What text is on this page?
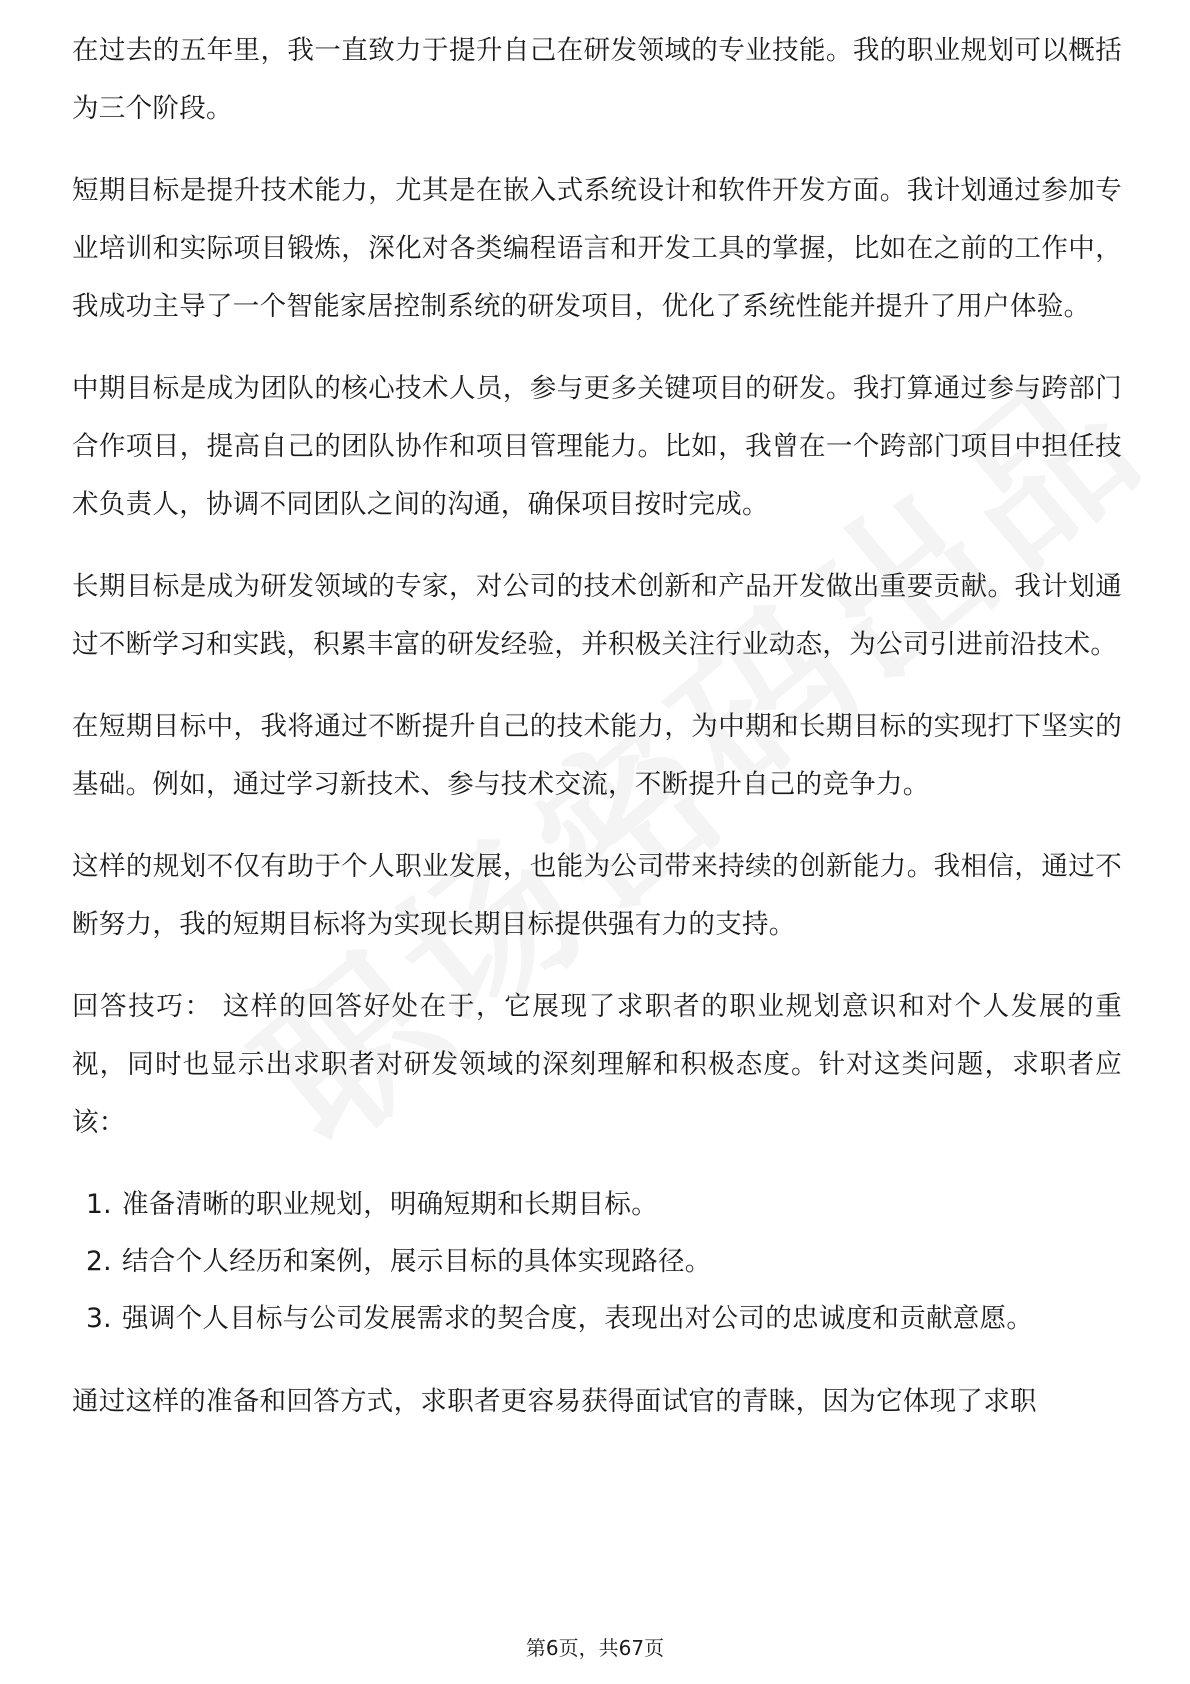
在过去的五年里，我一直致力于提升自己在研发领域的专业技能。我的职业规划可以概括为三个阶段。

短期目标是提升技术能力，尤其是在嵌入式系统设计和软件开发方面。我计划通过参加专业培训和实际项目锻炼，深化对各类编程语言和开发工具的掌握，比如在之前的工作中，我成功主导了一个智能家居控制系统的研发项目，优化了系统性能并提升了用户体验。

中期目标是成为团队的核心技术人员，参与更多关键项目的研发。我打算通过参与跨部门合作项目，提高自己的团队协作和项目管理能力。比如，我曾在一个跨部门项目中担任技术负责人，协调不同团队之间的沟通，确保项目按时完成。

长期目标是成为研发领域的专家，对公司的技术创新和产品开发做出重要贡献。我计划通过不断学习和实践，积累丰富的研发经验，并积极关注行业动态，为公司引进前沿技术。

在短期目标中，我将通过不断提升自己的技术能力，为中期和长期目标的实现打下坚实的基础。例如，通过学习新技术、参与技术交流，不断提升自己的竞争力。

这样的规划不仅有助于个人职业发展，也能为公司带来持续的创新能力。我相信，通过不断努力，我的短期目标将为实现长期目标提供强有力的支持。

回答技巧： 这样的回答好处在于，它展现了求职者的职业规划意识和对个人发展的重视，同时也显示出求职者对研发领域的深刻理解和积极态度。针对这类问题，求职者应该：

1. 准备清晰的职业规划，明确短期和长期目标。
2. 结合个人经历和案例，展示目标的具体实现路径。
3. 强调个人目标与公司发展需求的契合度，表现出对公司的忠诚度和贡献意愿。

通过这样的准备和回答方式，求职者更容易获得面试官的青睐，因为它体现了求职

第6页，共67页
